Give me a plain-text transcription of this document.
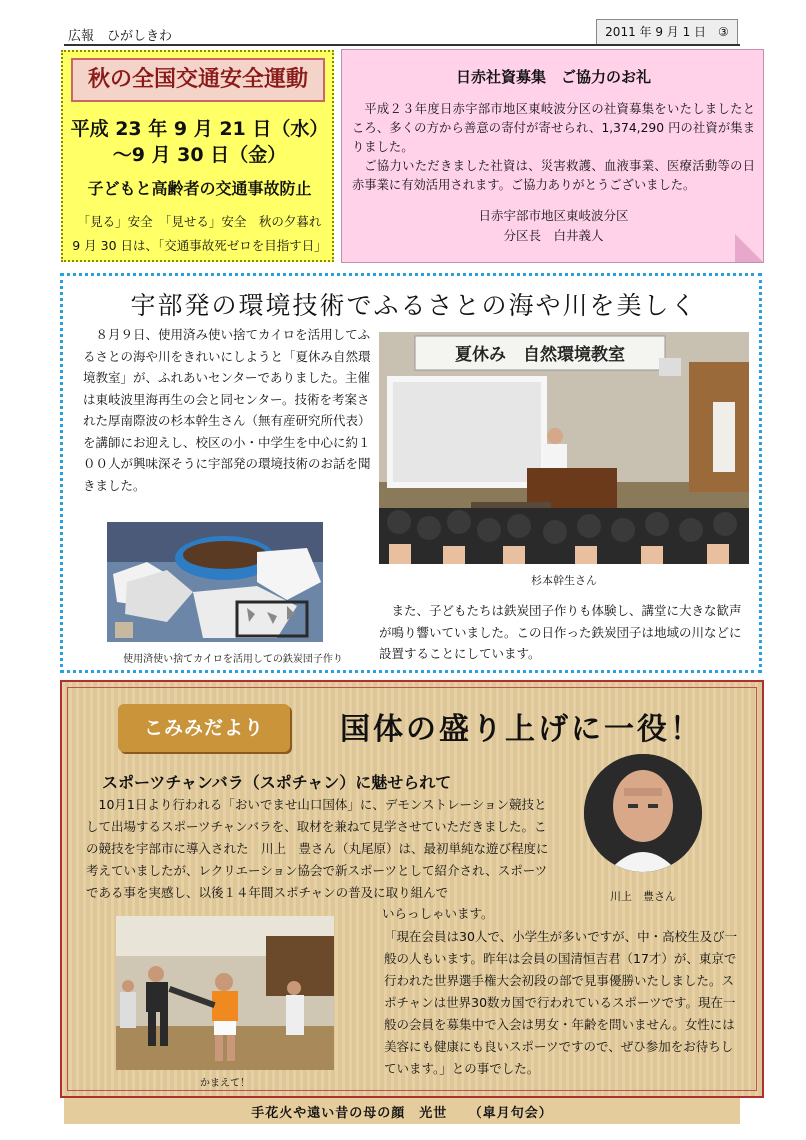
広報　ひがしきわ	2011 年 9 月 1 日　③
秋の全国交通安全運動
平成 23 年 9 月 21 日（水）
～9 月 30 日（金）
子どもと高齢者の交通事故防止
「見る」安全　「見せる」安全　秋の夕暮れ
9 月 30 日は、「交通事故死ゼロを目指す日」
日赤社資募集　ご協力のお礼

平成２３年度日赤宇部市地区東岐波分区の社資募集をいたしましたところ、多くの方から善意の寄付が寄せられ、1,374,290 円の社資が集まりました。

ご協力いただきました社資は、災害救護、血液事業、医療活動等の日赤事業に有効活用されます。ご協力ありがとうございました。

日赤宇部市地区東岐波分区
分区長　白井義人
宇部発の環境技術でふるさとの海や川を美しく

８月９日、使用済み使い捨てカイロを活用してふるさとの海や川をきれいにしようと「夏休み自然環境教室」が、ふれあいセンターでありました。主催は東岐波里海再生の会と同センター。技術を考案された厚南際波の杉本幹生さん（無有産研究所代表）を講師にお迎えし、校区の小・中学生を中心に約１００人が興味深そうに宇部発の環境技術のお話を聞きました。

使用済使い捨てカイロを活用しての鉄炭団子作り
夏休み　自然環境教室
杉本幹生さん

また、子どもたちは鉄炭団子作りも体験し、講堂に大きな歓声が鳴り響いていました。この日作った鉄炭団子は地域の川などに設置することにしています。

こみみだより	国体の盛り上げに一役！
スポーツチャンバラ（スポチャン）に魅せられて

10月1日より行われる「おいでませ山口国体」に、デモンストレーション競技として出場するスポーツチャンバラを、取材を兼ねて見学させていただきました。この競技を宇部市に導入された　川上　豊さん（丸尾原）は、最初単純な遊び程度に考えていましたが、レクリエーション協会で新スポーツとして紹介され、スポーツである事を実感し、以後１４年間スポチャンの普及に取り組んで

いらっしゃいます。
川上　豊さん
かまえて！

「現在会員は30人で、小学生が多いですが、中・高校生及び一般の人もいます。昨年は会員の国清恒吉君（17才）が、東京で行われた世界選手権大会初段の部で見事優勝いたしました。スポチャンは世界30数カ国で行われているスポーツです。現在一般の会員を募集中で入会は男女・年齢を問いません。女性には美容にも健康にも良いスポーツですので、ぜひ参加をお待ちしています。」との事でした。

手花火や遠い昔の母の顔　光世　　（皐月句会）
